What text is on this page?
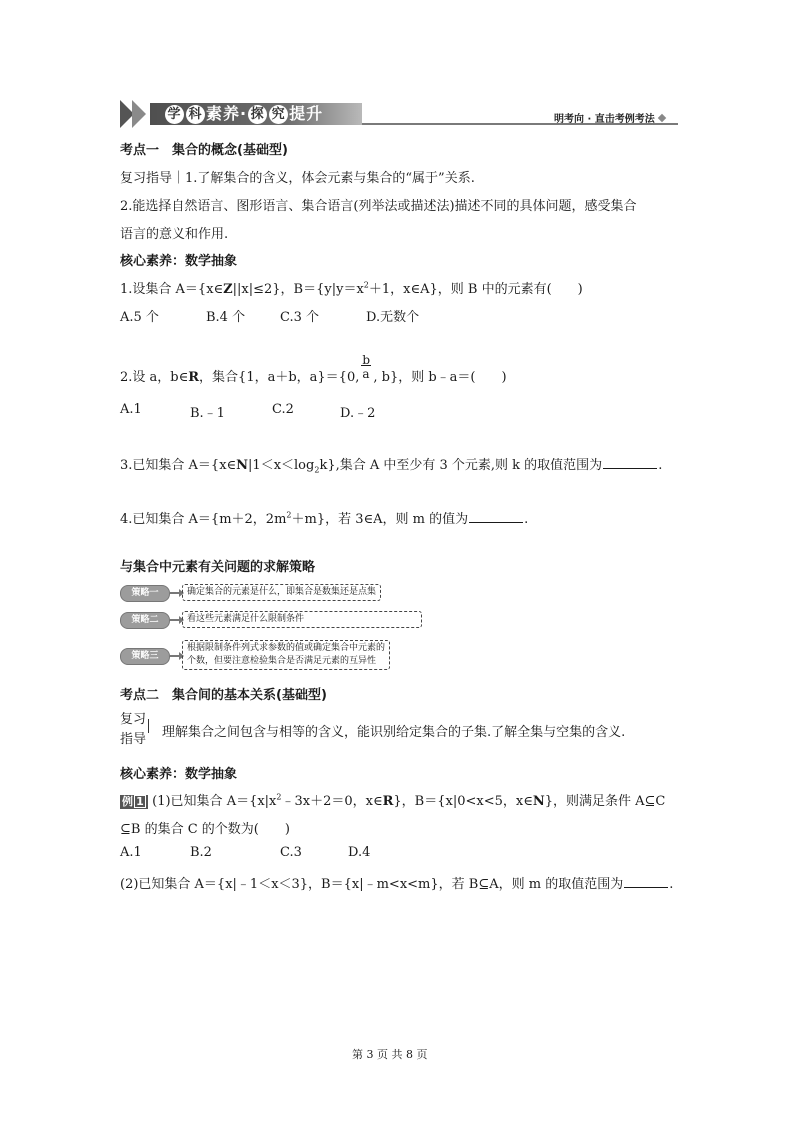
学 科 素养· 探 究 提升	明考向 · 直击考例考法
考点一　集合的概念(基础型)
复习指导｜1.了解集合的含义，体会元素与集合的“属于”关系.
2.能选择自然语言、图形语言、集合语言(列举法或描述法)描述不同的具体问题，感受集合
语言的意义和作用.
核心素养：数学抽象
1.设集合 A＝{x∈Z||x|≤2}，$B=\{y|y=x^2+1$，x∈A}，则 B 中的元素有(　　)
A.5 个	B.4 个	C.3 个	D.无数个
2.设 a，b∈R，集合{1，a＋b，a}＝{0, $\frac{b}{a}$ , b}，则 b﹣a＝(　　)
A.1	B.﹣1	C.2	D.﹣2
3.已知集合 $A=\{x\in N|1<x<\log_2k\}$,集合 A 中至少有 3 个元素,则 k 的取值范围为	.
4.已知集合 A＝{m＋2，$2m^2+m$}，若 3∈A，则 m 的值为	.
与集合中元素有关问题的求解策略
策略一	确定集合的元素是什么，即集合是数集还是点集
策略二	看这些元素满足什么限制条件
策略三
根据限制条件列式求参数的值或确定集合中元素的
个数，但要注意检验集合是否满足元素的互异性
考点二　集合间的基本关系(基础型)
复习
指导 理解集合之间包含与相等的含义，能识别给定集合的子集.了解全集与空集的含义.
核心素养：数学抽象
例 1 (1)已知集合 $A=\{x|x^2﹣3x+2=0$，x∈R}，B＝{x|0<x<5，x∈N}，则满足条件 A⊆C
⊆B 的集合 C 的个数为(　　)
A.1	B.2	C.3	D.4
(2)已知集合 A＝{x|﹣1＜x＜3}，B＝{x|﹣m<x<m}，若 B⊆A，则 m 的取值范围为	.
第 3 页 共 8 页
